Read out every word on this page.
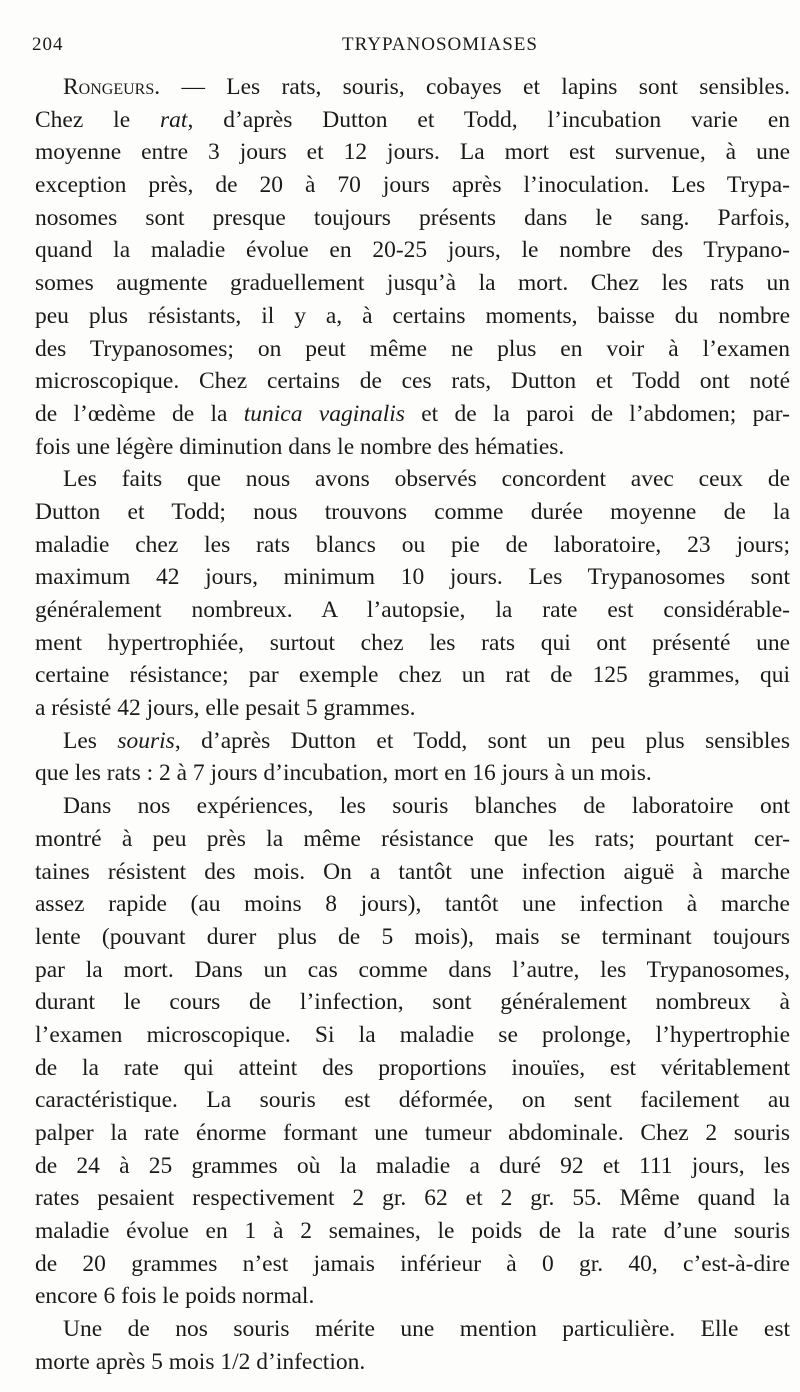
204	TRYPANOSOMIASES
Rongeurs. — Les rats, souris, cobayes et lapins sont sensibles.
Chez le rat, d’après Dutton et Todd, l’incubation varie en
moyenne entre 3 jours et 12 jours. La mort est survenue, à une
exception près, de 20 à 70 jours après l’inoculation. Les Trypa-
nosomes sont presque toujours présents dans le sang. Parfois,
quand la maladie évolue en 20-25 jours, le nombre des Trypano-
somes augmente graduellement jusqu’à la mort. Chez les rats un
peu plus résistants, il y a, à certains moments, baisse du nombre
des Trypanosomes; on peut même ne plus en voir à l’examen
microscopique. Chez certains de ces rats, Dutton et Todd ont noté
de l’œdème de la tunica vaginalis et de la paroi de l’abdomen; par-
fois une légère diminution dans le nombre des hématies.
Les faits que nous avons observés concordent avec ceux de
Dutton et Todd; nous trouvons comme durée moyenne de la
maladie chez les rats blancs ou pie de laboratoire, 23 jours;
maximum 42 jours, minimum 10 jours. Les Trypanosomes sont
généralement nombreux. A l’autopsie, la rate est considérable-
ment hypertrophiée, surtout chez les rats qui ont présenté une
certaine résistance; par exemple chez un rat de 125 grammes, qui
a résisté 42 jours, elle pesait 5 grammes.
Les souris, d’après Dutton et Todd, sont un peu plus sensibles
que les rats : 2 à 7 jours d’incubation, mort en 16 jours à un mois.
Dans nos expériences, les souris blanches de laboratoire ont
montré à peu près la même résistance que les rats; pourtant cer-
taines résistent des mois. On a tantôt une infection aiguë à marche
assez rapide (au moins 8 jours), tantôt une infection à marche
lente (pouvant durer plus de 5 mois), mais se terminant toujours
par la mort. Dans un cas comme dans l’autre, les Trypanosomes,
durant le cours de l’infection, sont généralement nombreux à
l’examen microscopique. Si la maladie se prolonge, l’hypertrophie
de la rate qui atteint des proportions inouïes, est véritablement
caractéristique. La souris est déformée, on sent facilement au
palper la rate énorme formant une tumeur abdominale. Chez 2 souris
de 24 à 25 grammes où la maladie a duré 92 et 111 jours, les
rates pesaient respectivement 2 gr. 62 et 2 gr. 55. Même quand la
maladie évolue en 1 à 2 semaines, le poids de la rate d’une souris
de 20 grammes n’est jamais inférieur à 0 gr. 40, c’est-à-dire
encore 6 fois le poids normal.
Une de nos souris mérite une mention particulière. Elle est
morte après 5 mois 1/2 d’infection.
